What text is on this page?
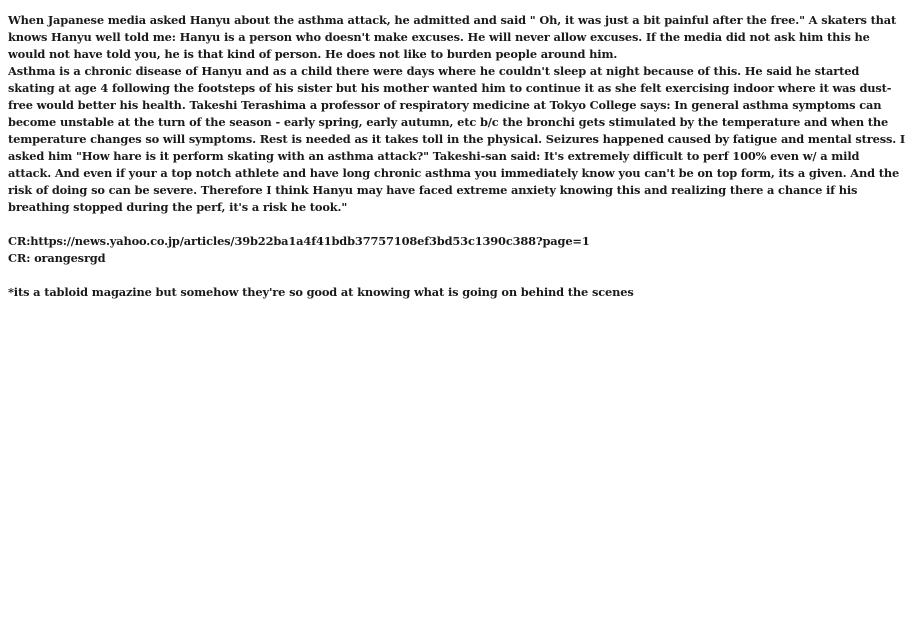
When Japanese media asked Hanyu about the asthma attack, he admitted and said " Oh, it was just a bit painful after the free." A skaters that knows Hanyu well told me: Hanyu is a person who doesn't make excuses. He will never allow excuses. If the media did not ask him this he would not have told you, he is that kind of person. He does not like to burden people around him.

Asthma is a chronic disease of Hanyu and as a child there were days where he couldn't sleep at night because of this. He said he started skating at age 4 following the footsteps of his sister but his mother wanted him to continue it as she felt exercising indoor where it was dust-free would better his health. Takeshi Terashima a professor of respiratory medicine at Tokyo College says: In general asthma symptoms can become unstable at the turn of the season - early spring, early autumn, etc b/c the bronchi gets stimulated by the temperature and when the temperature changes so will symptoms. Rest is needed as it takes toll in the physical. Seizures happened caused by fatigue and mental stress. I asked him "How hare is it perform skating with an asthma attack?" Takeshi-san said: It's extremely difficult to perf 100% even w/ a mild attack. And even if your a top notch athlete and have long chronic asthma you immediately know you can't be on top form, its a given. And the risk of doing so can be severe. Therefore I think Hanyu may have faced extreme anxiety knowing this and realizing there a chance if his breathing stopped during the perf, it's a risk he took."

CR:https://news.yahoo.co.jp/articles/39b22ba1a4f41bdb37757108ef3bd53c1390c388?page=1

CR: orangesrgd

*its a tabloid magazine but somehow they're so good at knowing what is going on behind the scenes
